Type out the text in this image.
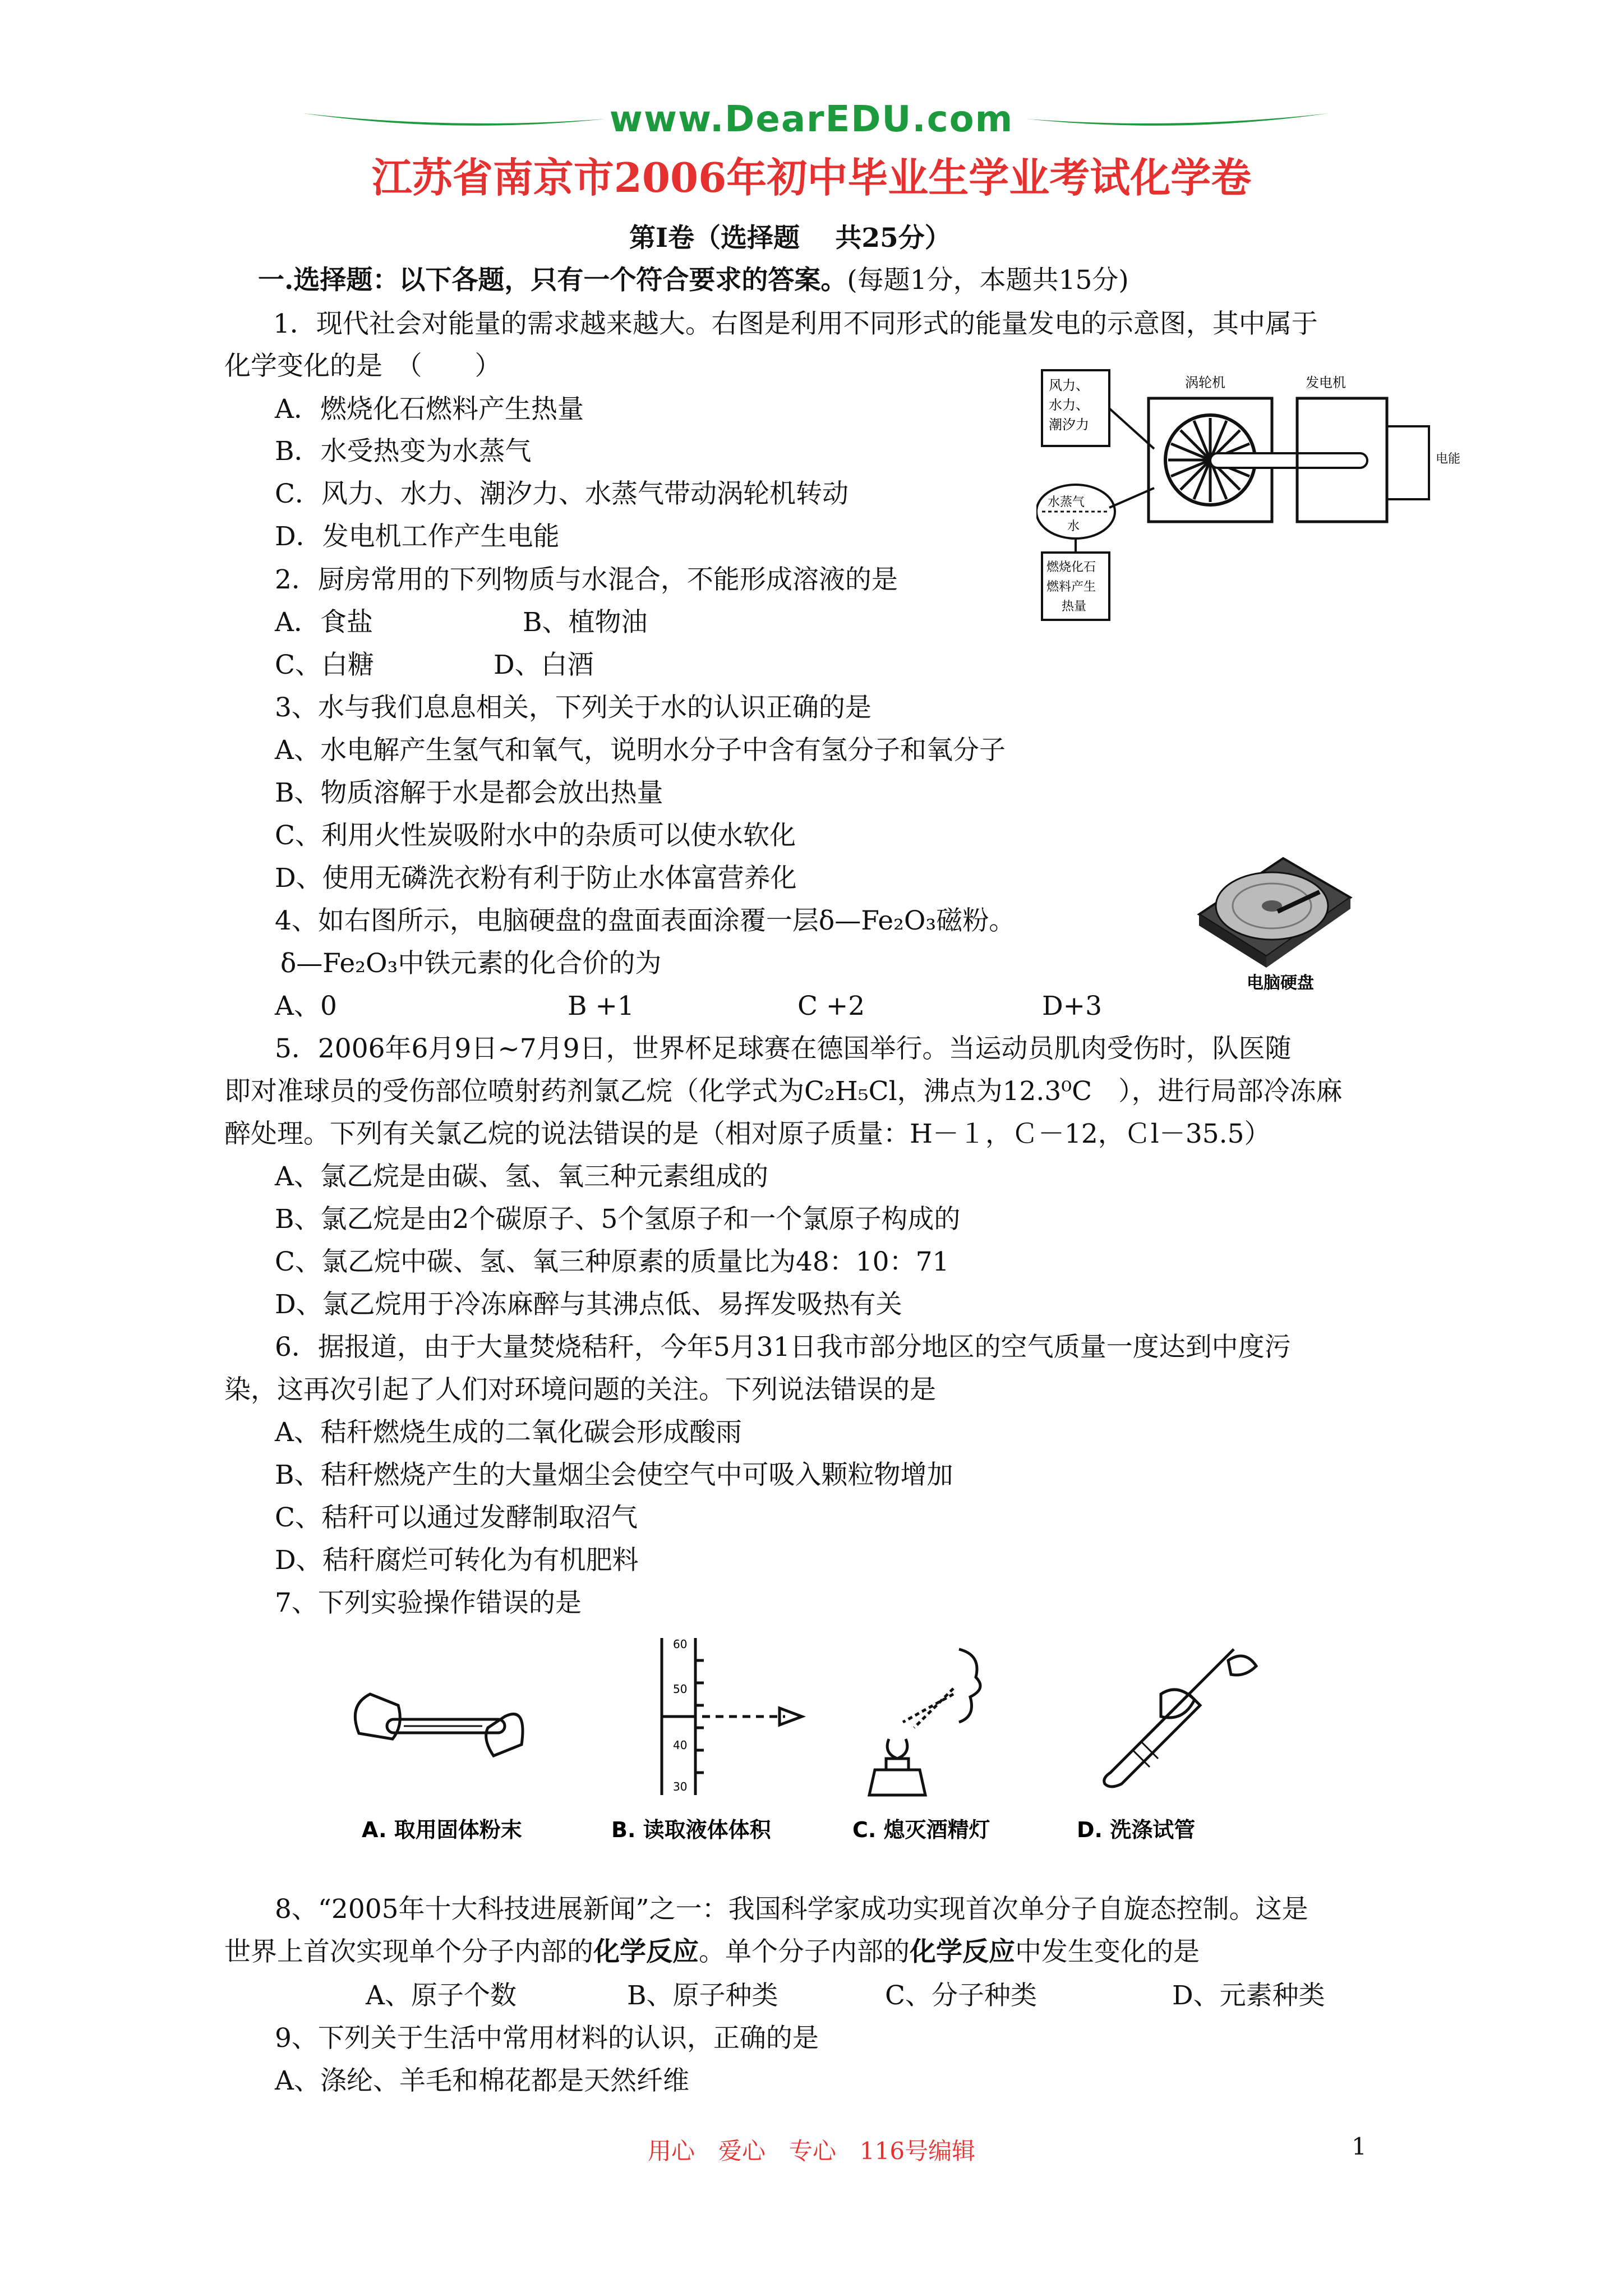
www.DearEDU.com
江苏省南京市2006年初中毕业生学业考试化学卷
第Ⅰ卷（选择题　 共25分）
一.选择题：以下各题，只有一个符合要求的答案。(每题1分，本题共15分)
1．现代社会对能量的需求越来越大。右图是利用不同形式的能量发电的示意图，其中属于
化学变化的是　（　　）
A．燃烧化石燃料产生热量
B．水受热变为水蒸气
C．风力、水力、潮汐力、水蒸气带动涡轮机转动
D．发电机工作产生电能
风力、
水力、
潮汐力
涡轮机	发电机
电能
水蒸气
水
燃烧化石
燃料产生
热量
2．厨房常用的下列物质与水混合，不能形成溶液的是
A．食盐	B、植物油
C、白糖	D、白酒
3、水与我们息息相关，下列关于水的认识正确的是
A、水电解产生氢气和氧气，说明水分子中含有氢分子和氧分子
B、物质溶解于水是都会放出热量
C、利用火性炭吸附水中的杂质可以使水软化
D、使用无磷洗衣粉有利于防止水体富营养化
电脑硬盘
4、如右图所示，电脑硬盘的盘面表面涂覆一层δ—Fe₂O₃磁粉。
δ—Fe₂O₃中铁元素的化合价的为
A、0	B +1	C +2	D+3
5．2006年6月9日~7月9日，世界杯足球赛在德国举行。当运动员肌肉受伤时，队医随
即对准球员的受伤部位喷射药剂氯乙烷（化学式为C₂H₅Cl，沸点为12.3⁰C　），进行局部冷冻麻
醉处理。下列有关氯乙烷的说法错误的是（相对原子质量：H－１，Ｃ－12，Ｃl－35.5）
A、氯乙烷是由碳、氢、氧三种元素组成的
B、氯乙烷是由2个碳原子、5个氢原子和一个氯原子构成的
C、氯乙烷中碳、氢、氧三种原素的质量比为48：10：71
D、氯乙烷用于冷冻麻醉与其沸点低、易挥发吸热有关
6．据报道，由于大量焚烧秸秆，今年5月31日我市部分地区的空气质量一度达到中度污
染，这再次引起了人们对环境问题的关注。下列说法错误的是
A、秸秆燃烧生成的二氧化碳会形成酸雨
B、秸秆燃烧产生的大量烟尘会使空气中可吸入颗粒物增加
C、秸秆可以通过发酵制取沼气
D、秸秆腐烂可转化为有机肥料
7、下列实验操作错误的是
60
50
40
30
A. 取用固体粉末	B. 读取液体体积	C. 熄灭酒精灯	D. 洗涤试管
8、“2005年十大科技进展新闻”之一：我国科学家成功实现首次单分子自旋态控制。这是
世界上首次实现单个分子内部的化学反应。单个分子内部的化学反应中发生变化的是
A、原子个数	B、原子种类	C、分子种类	D、元素种类
9、下列关于生活中常用材料的认识，正确的是
A、涤纶、羊毛和棉花都是天然纤维
用心　爱心　专心　116号编辑	1
